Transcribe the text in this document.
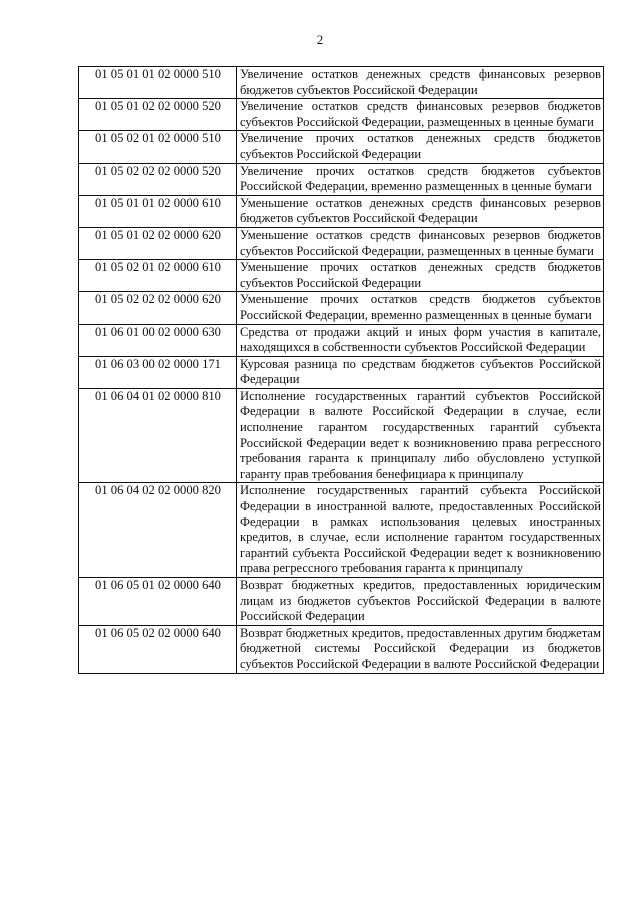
2
01 05 01 01 02 0000 510	Увеличение остатков денежных средств финансовых резервов бюджетов субъектов Российской Федерации
01 05 01 02 02 0000 520	Увеличение остатков средств финансовых резервов бюджетов субъектов Российской Федерации, размещенных в ценные бумаги
01 05 02 01 02 0000 510	Увеличение прочих остатков денежных средств бюджетов субъектов Российской Федерации
01 05 02 02 02 0000 520	Увеличение прочих остатков средств бюджетов субъектов Российской Федерации, временно размещенных в ценные бумаги
01 05 01 01 02 0000 610	Уменьшение остатков денежных средств финансовых резервов бюджетов субъектов Российской Федерации
01 05 01 02 02 0000 620	Уменьшение остатков средств финансовых резервов бюджетов субъектов Российской Федерации, размещенных в ценные бумаги
01 05 02 01 02 0000 610	Уменьшение прочих остатков денежных средств бюджетов субъектов Российской Федерации
01 05 02 02 02 0000 620	Уменьшение прочих остатков средств бюджетов субъектов Российской Федерации, временно размещенных в ценные бумаги
01 06 01 00 02 0000 630	Средства от продажи акций и иных форм участия в капитале, находящихся в собственности субъектов Российской Федерации
01 06 03 00 02 0000 171	Курсовая разница по средствам бюджетов субъектов Российской Федерации
01 06 04 01 02 0000 810	Исполнение государственных гарантий субъектов Российской Федерации в валюте Российской Федерации в случае, если исполнение гарантом государственных гарантий субъекта Российской Федерации ведет к возникновению права регрессного требования гаранта к принципалу либо обусловлено уступкой гаранту прав требования бенефициара к принципалу
01 06 04 02 02 0000 820	Исполнение государственных гарантий субъекта Российской Федерации в иностранной валюте, предоставленных Российской Федерации в рамках использования целевых иностранных кредитов, в случае, если исполнение гарантом государственных гарантий субъекта Российской Федерации ведет к возникновению права регрессного требования гаранта к принципалу
01 06 05 01 02 0000 640	Возврат бюджетных кредитов, предоставленных юридическим лицам из бюджетов субъектов Российской Федерации в валюте Российской Федерации
01 06 05 02 02 0000 640	Возврат бюджетных кредитов, предоставленных другим бюджетам бюджетной системы Российской Федерации из бюджетов субъектов Российской Федерации в валюте Российской Федерации
